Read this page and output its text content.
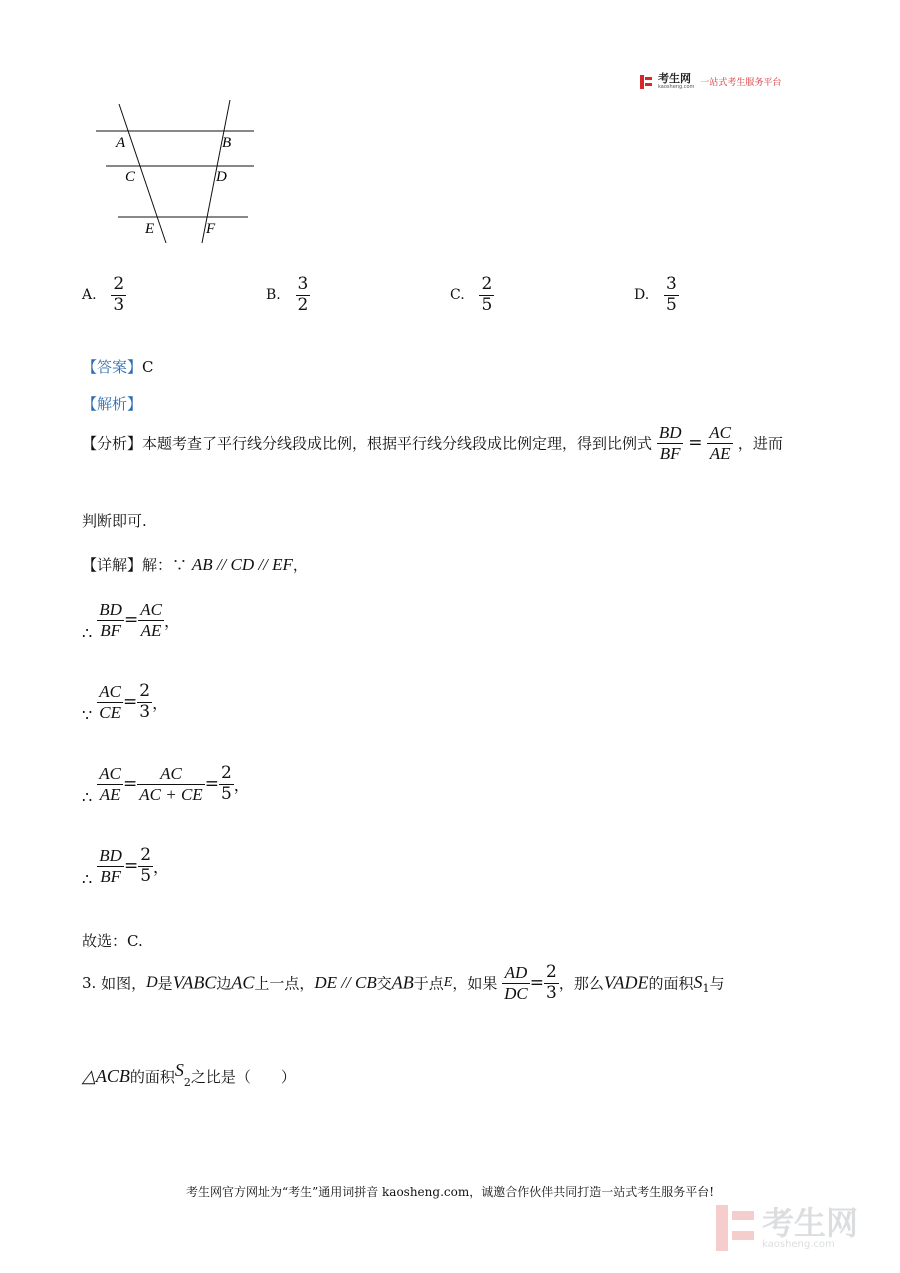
考生网
kaosheng.com 一站式考生服务平台
A	B
C	D
E	F
A. $\frac{2}{3}$	B. $\frac{3}{2}$	C. $\frac{2}{5}$	D. $\frac{3}{5}$
【答案】C
【解析】
【分析】本题考查了平行线分线段成比例，根据平行线分线段成比例定理，得到比例式 $\frac{BD}{BF} = \frac{AC}{AE}$ ，进而
判断即可.
【详解】解：∵ AB // CD // EF，
∴ $\frac{BD}{BF} = \frac{AC}{AE}$ ，
∵ $\frac{AC}{CE} = \frac{2}{3}$ ，
∴ $\frac{AC}{AE} = \frac{AC}{AC + CE} = \frac{2}{5}$ ，
∴ $\frac{BD}{BF} = \frac{2}{5}$ ，
故选：C.
3. 如图，D是VABC边AC上一点，DE // CB交AB于点E，如果 $\frac{AD}{DC} = \frac{2}{3}$ ，那么VADE的面积$S_1$与
△ACB的面积$S_2$之比是（　　）
考生网官方网址为“考生”通用词拼音 kaosheng.com，诚邀合作伙伴共同打造一站式考生服务平台!
考生网
kaosheng.com
